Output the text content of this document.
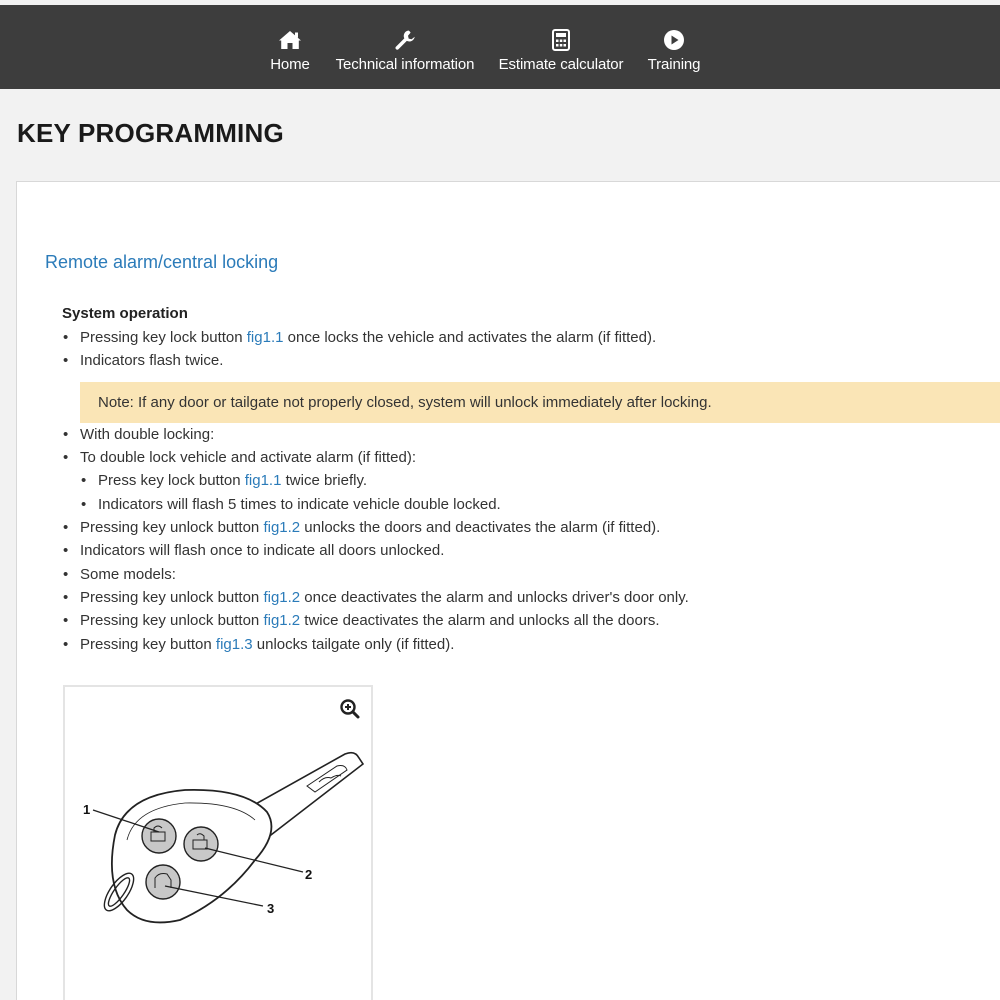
Home Technical information Estimate calculator Training
KEY PROGRAMMING
Remote alarm/central locking
System operation
• Pressing key lock button fig1.1 once locks the vehicle and activates the alarm (if fitted).
• Indicators flash twice.
Note: If any door or tailgate not properly closed, system will unlock immediately after locking.
• With double locking:
• To double lock vehicle and activate alarm (if fitted):
• Press key lock button fig1.1 twice briefly.
• Indicators will flash 5 times to indicate vehicle double locked.
• Pressing key unlock button fig1.2 unlocks the doors and deactivates the alarm (if fitted).
• Indicators will flash once to indicate all doors unlocked.
• Some models:
• Pressing key unlock button fig1.2 once deactivates the alarm and unlocks driver's door only.
• Pressing key unlock button fig1.2 twice deactivates the alarm and unlocks all the doors.
• Pressing key button fig1.3 unlocks tailgate only (if fitted).
1
2
3
